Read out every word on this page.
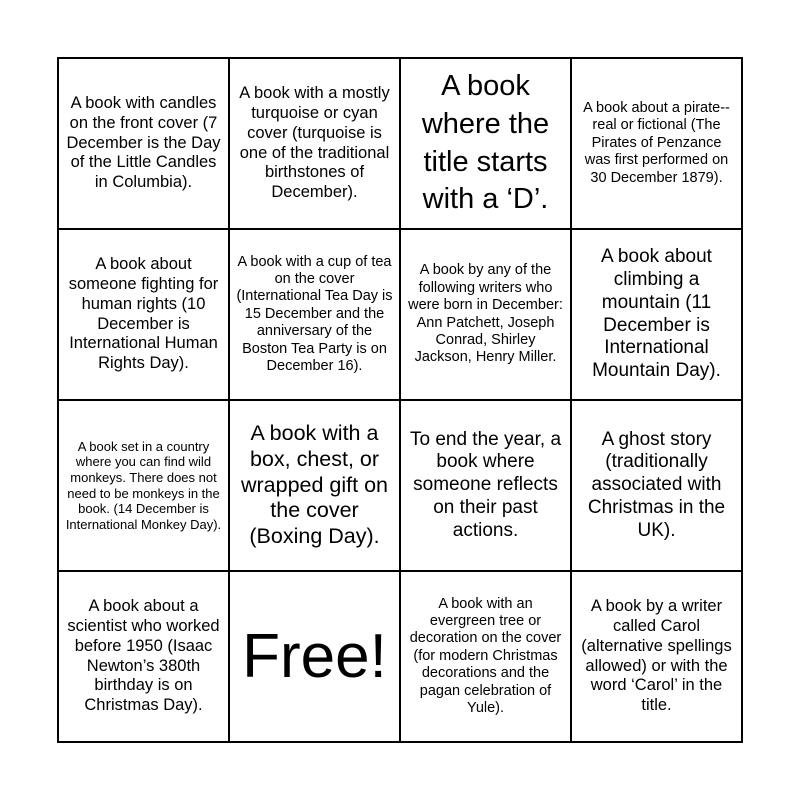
A book with candles on the front cover (7 December is the Day of the Little Candles in Columbia).
A book with a mostly turquoise or cyan cover (turquoise is one of the traditional birthstones of December).
A book where the title starts with a ‘D’.
A book about a pirate--real or fictional (The Pirates of Penzance was first performed on 30 December 1879).
A book about someone fighting for human rights (10 December is International Human Rights Day).
A book with a cup of tea on the cover (International Tea Day is 15 December and the anniversary of the Boston Tea Party is on December 16).
A book by any of the following writers who were born in December: Ann Patchett, Joseph Conrad, Shirley Jackson, Henry Miller.
A book about climbing a mountain (11 December is International Mountain Day).
A book set in a country where you can find wild monkeys. There does not need to be monkeys in the book. (14 December is International Monkey Day).
A book with a box, chest, or wrapped gift on the cover (Boxing Day).
To end the year, a book where someone reflects on their past actions.
A ghost story (traditionally associated with Christmas in the UK).
A book about a scientist who worked before 1950 (Isaac Newton’s 380th birthday is on Christmas Day).
Free!
A book with an evergreen tree or decoration on the cover (for modern Christmas decorations and the pagan celebration of Yule).
A book by a writer called Carol (alternative spellings allowed) or with the word ‘Carol’ in the title.
